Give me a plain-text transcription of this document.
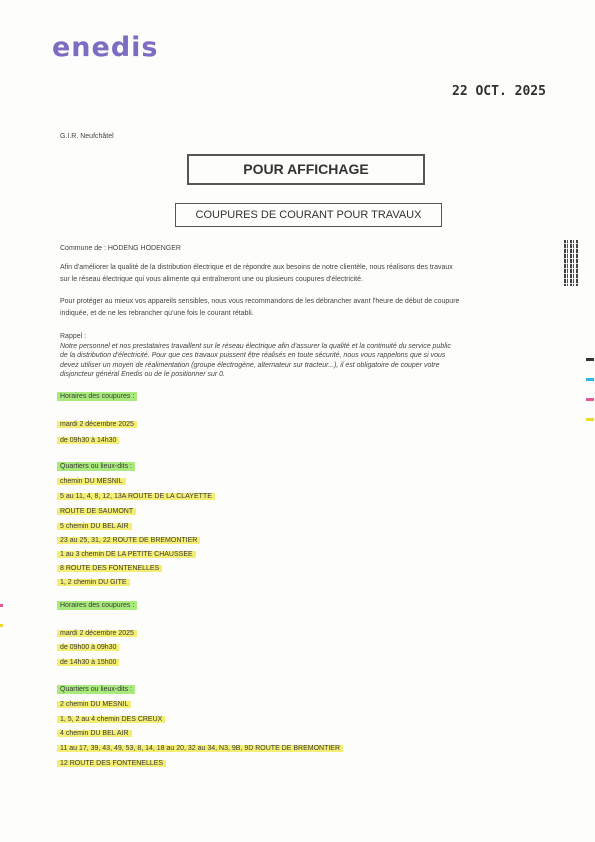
enedis
22 OCT. 2025
G.I.R. Neufchâtel
POUR AFFICHAGE
COUPURES DE COURANT POUR TRAVAUX
Commune de : HODENG HODENGER
Afin d'améliorer la qualité de la distribution électrique et de répondre aux besoins de notre clientèle, nous réalisons des travaux
sur le réseau électrique qui vous alimente qui entraîneront une ou plusieurs coupures d'électricité.
Pour protéger au mieux vos appareils sensibles, nous vous recommandons de les débrancher avant l'heure de début de coupure
indiquée, et de ne les rebrancher qu'une fois le courant rétabli.
Rappel :
Notre personnel et nos prestataires travaillent sur le réseau électrique afin d'assurer la qualité et la continuité du service public
de la distribution d'électricité. Pour que ces travaux puissent être réalisés en toute sécurité, nous vous rappelons que si vous
devez utiliser un moyen de réalimentation (groupe électrogène, alternateur sur tracteur...), il est obligatoire de couper votre
disjoncteur général Enedis ou de le positionner sur 0.
Horaires des coupures :
mardi 2 décembre 2025
de 09h30 à 14h30
Quartiers ou lieux-dits :
chemin DU MESNIL
5 au 11, 4, 8, 12, 13A ROUTE DE LA CLAYETTE
ROUTE DE SAUMONT
5 chemin DU BEL AIR
23 au 25, 31, 22 ROUTE DE BREMONTIER
1 au 3 chemin DE LA PETITE CHAUSSEE
8 ROUTE DES FONTENELLES
1, 2 chemin DU GITE
Horaires des coupures :
mardi 2 décembre 2025
de 09h00 à 09h30
de 14h30 à 15h00
Quartiers ou lieux-dits :
2 chemin DU MESNIL
1, 5, 2 au 4 chemin DES CREUX
4 chemin DU BEL AIR
11 au 17, 39, 43, 49, 53, 8, 14, 18 au 20, 32 au 34, N3, 9B, 9D ROUTE DE BREMONTIER
12 ROUTE DES FONTENELLES
